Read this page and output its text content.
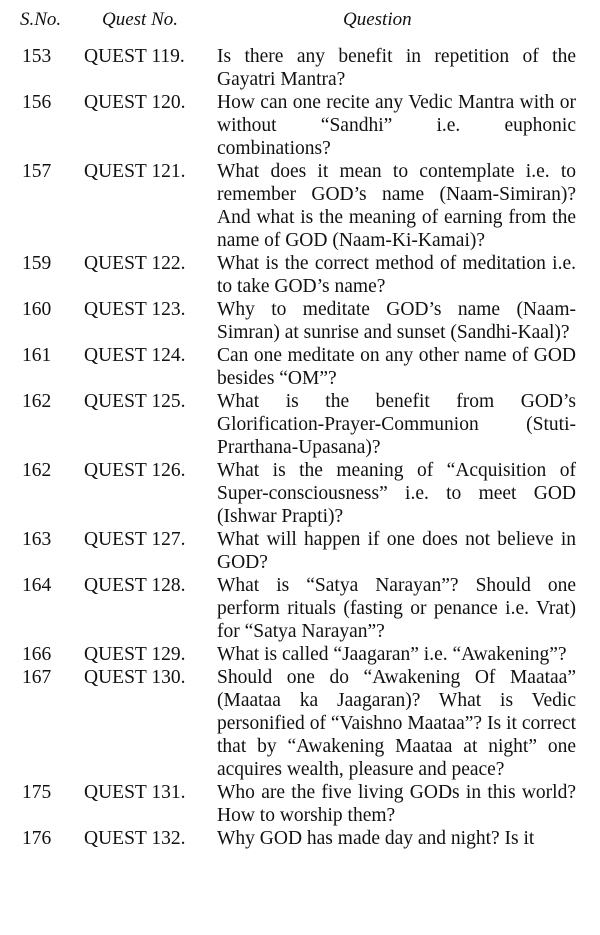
S.No. Quest No.	Question
153 QUEST 119. Is there any benefit in repetition of the Gayatri Mantra?
156 QUEST 120. How can one recite any Vedic Mantra with or without “Sandhi” i.e. euphonic combinations?
157 QUEST 121. What does it mean to contemplate i.e. to remember GOD’s name (Naam-Simiran)? And what is the meaning of earning from the name of GOD (Naam-Ki-Kamai)?
159 QUEST 122. What is the correct method of meditation i.e. to take GOD’s name?
160 QUEST 123. Why to meditate GOD’s name (Naam-Simran) at sunrise and sunset (Sandhi-Kaal)?
161 QUEST 124. Can one meditate on any other name of GOD besides “OM”?
162 QUEST 125. What is the benefit from GOD’s Glorification-Prayer-Communion (Stuti-Prarthana-Upasana)?
162 QUEST 126. What is the meaning of “Acquisition of Super-consciousness” i.e. to meet GOD (Ishwar Prapti)?
163 QUEST 127. What will happen if one does not believe in GOD?
164 QUEST 128. What is “Satya Narayan”? Should one perform rituals (fasting or penance i.e. Vrat) for “Satya Narayan”?
166 QUEST 129. What is called “Jaagaran” i.e. “Awakening”?
167 QUEST 130. Should one do “Awakening Of Maataa” (Maataa ka Jaagaran)? What is Vedic personified of “Vaishno Maataa”? Is it correct that by “Awakening Maataa at night” one acquires wealth, pleasure and peace?
175 QUEST 131. Who are the five living GODs in this world? How to worship them?
176 QUEST 132. Why GOD has made day and night? Is it
